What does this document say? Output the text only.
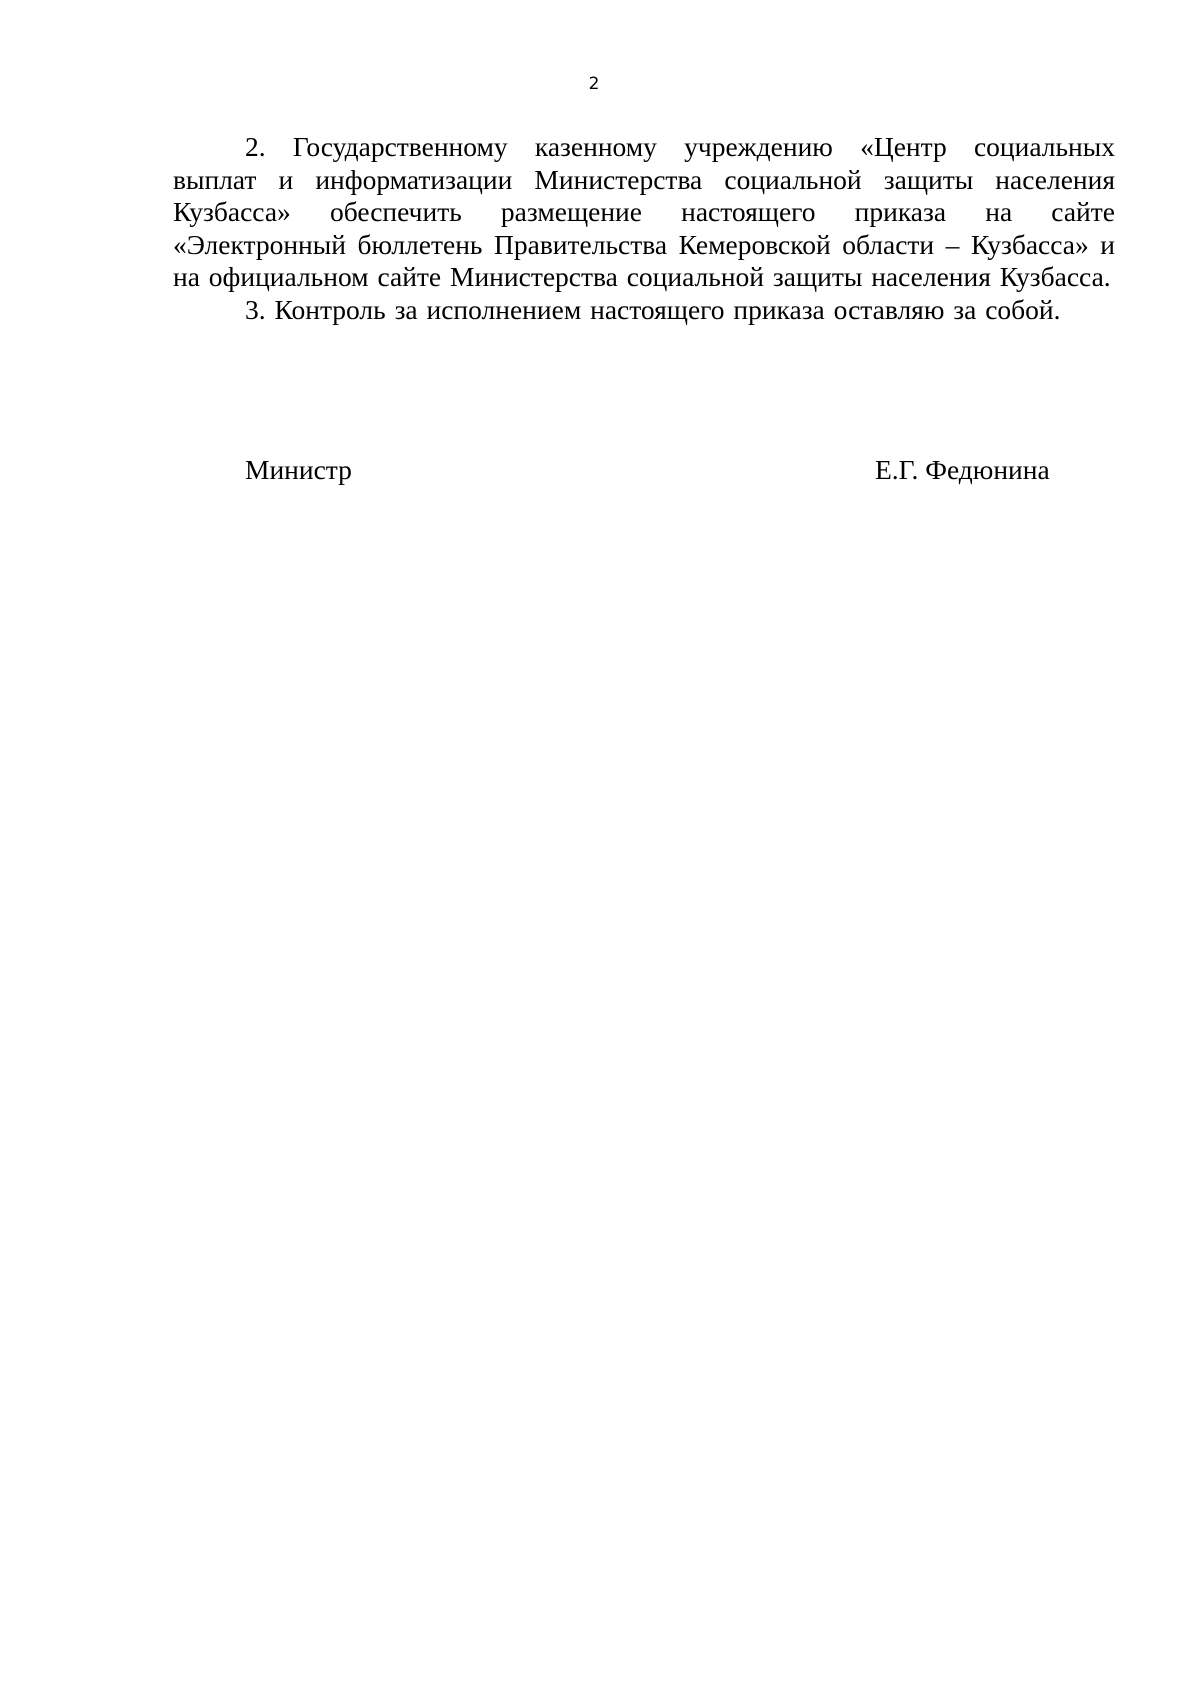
2

2. Государственному казенному учреждению «Центр социальных выплат и информатизации Министерства социальной защиты населения Кузбасса» обеспечить размещение настоящего приказа на сайте «Электронный бюллетень Правительства Кемеровской области – Кузбасса» и на официальном сайте Министерства социальной защиты населения Кузбасса.

3. Контроль за исполнением настоящего приказа оставляю за собой.

Министр	Е.Г. Федюнина
